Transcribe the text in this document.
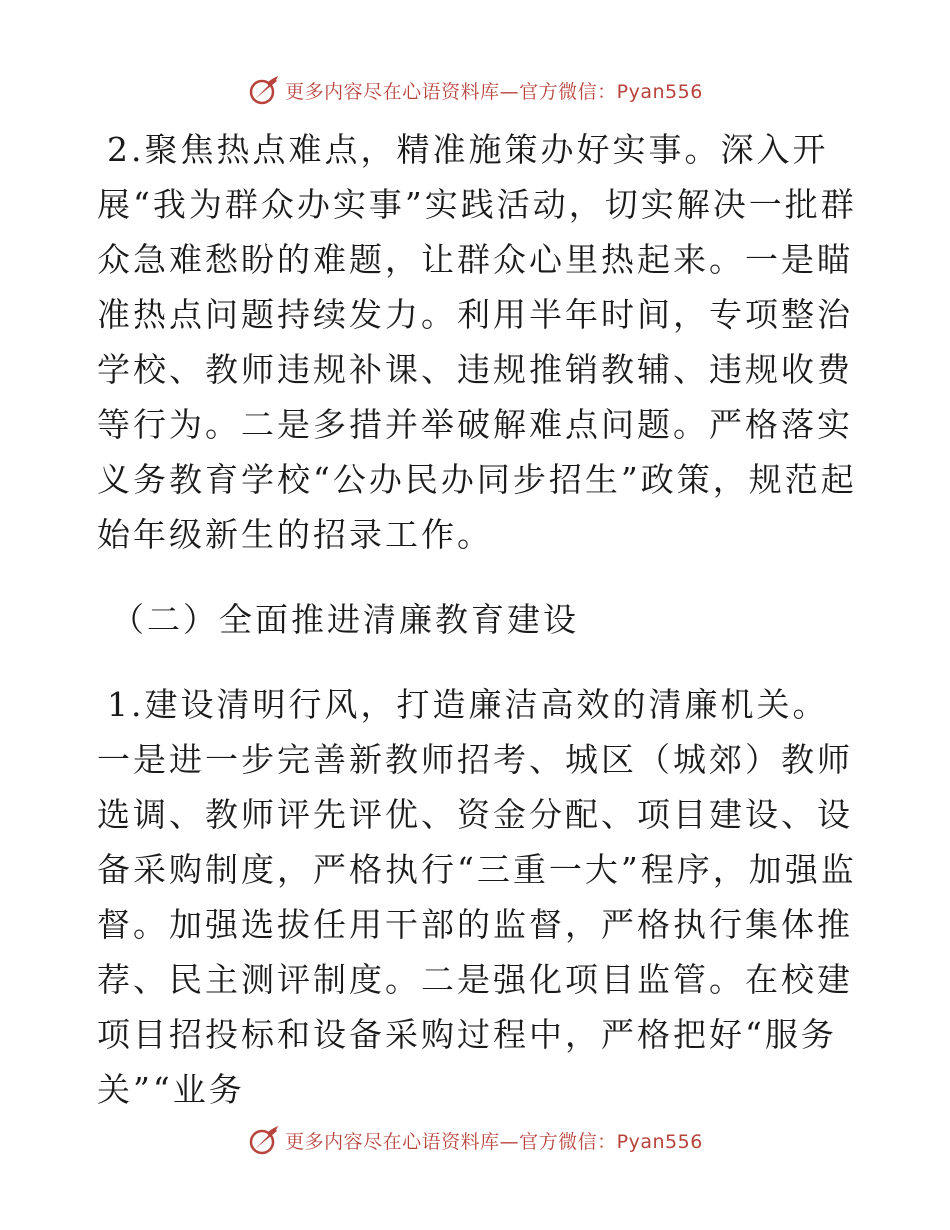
更多内容尽在心语资料库—官方微信：Pyan556

2.聚焦热点难点，精准施策办好实事。深入开展“我为群众办实事”实践活动，切实解决一批群众急难愁盼的难题，让群众心里热起来。一是瞄准热点问题持续发力。利用半年时间，专项整治学校、教师违规补课、违规推销教辅、违规收费等行为。二是多措并举破解难点问题。严格落实义务教育学校“公办民办同步招生”政策，规范起始年级新生的招录工作。

（二）全面推进清廉教育建设

1.建设清明行风，打造廉洁高效的清廉机关。一是进一步完善新教师招考、城区（城郊）教师选调、教师评先评优、资金分配、项目建设、设备采购制度，严格执行“三重一大”程序，加强监督。加强选拔任用干部的监督，严格执行集体推荐、民主测评制度。二是强化项目监管。在校建项目招投标和设备采购过程中，严格把好“服务关”“业务

更多内容尽在心语资料库—官方微信：Pyan556
